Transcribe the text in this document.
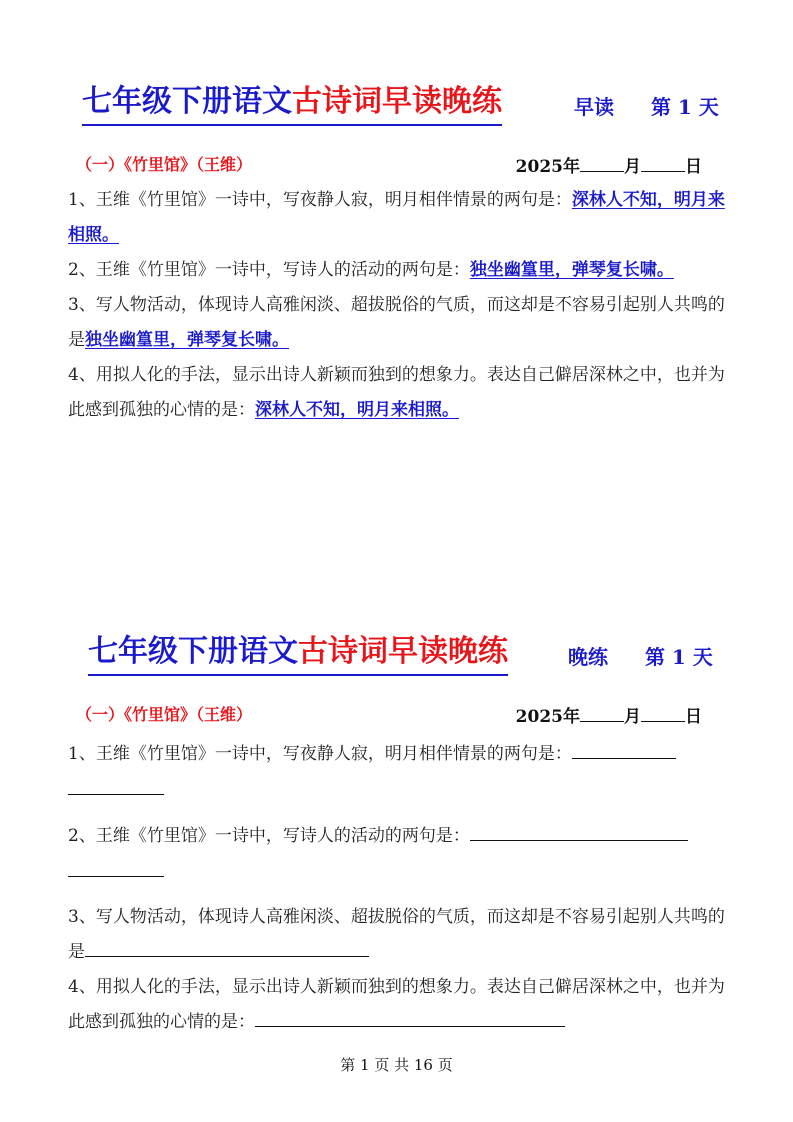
七年级下册语文古诗词早读晚练	早读 第 1 天
（一）《竹里馆》（王维）	2025年	月	日

1、王维《竹里馆》一诗中，写夜静人寂，明月相伴情景的两句是：深林人不知，明月来相照。

2、王维《竹里馆》一诗中，写诗人的活动的两句是：独坐幽篁里，弹琴复长啸。

3、写人物活动，体现诗人高雅闲淡、超拔脱俗的气质，而这却是不容易引起别人共鸣的是独坐幽篁里，弹琴复长啸。

4、用拟人化的手法，显示出诗人新颖而独到的想象力。表达自己僻居深林之中，也并为此感到孤独的心情的是：深林人不知，明月来相照。

七年级下册语文古诗词早读晚练	晚练 第 1 天
（一）《竹里馆》（王维）	2025年	月	日

1、王维《竹里馆》一诗中，写夜静人寂，明月相伴情景的两句是：

2、王维《竹里馆》一诗中，写诗人的活动的两句是：

3、写人物活动，体现诗人高雅闲淡、超拔脱俗的气质，而这却是不容易引起别人共鸣的是

4、用拟人化的手法，显示出诗人新颖而独到的想象力。表达自己僻居深林之中，也并为此感到孤独的心情的是：

第 1 页 共 16 页
